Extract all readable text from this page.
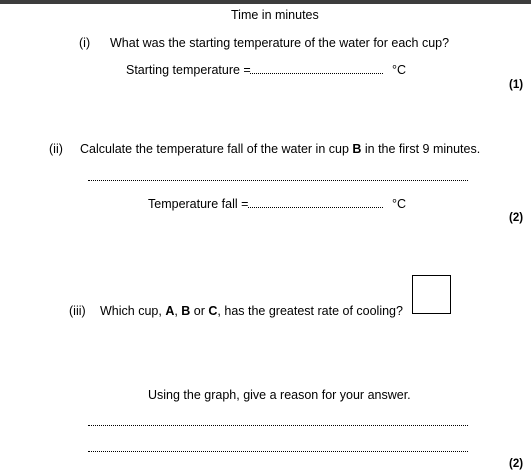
Time in minutes
(i) What was the starting temperature of the water for each cup?
Starting temperature =	°C
(1)
(ii) Calculate the temperature fall of the water in cup B in the first 9 minutes.
Temperature fall =	°C
(2)
(iii) Which cup, A, B or C, has the greatest rate of cooling?
Using the graph, give a reason for your answer.
(2)
